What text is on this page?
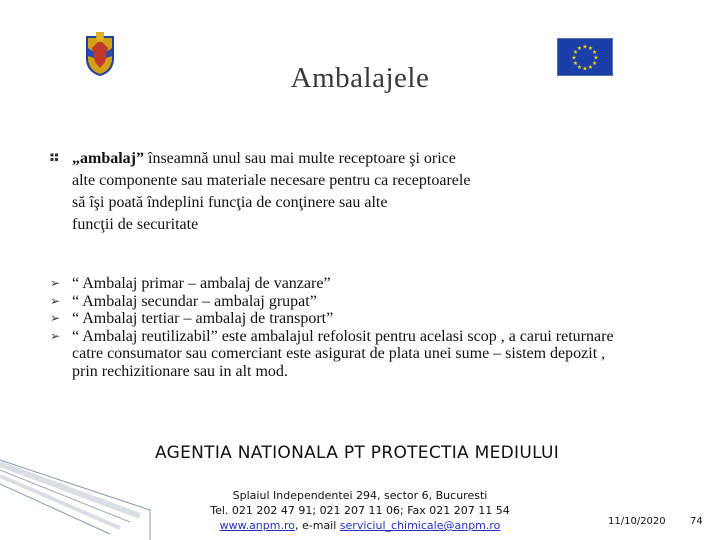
★
★
★
★
★
★
★
★
★ ★ ★
★
Ambalajele

„ambalaj” înseamnă unul sau mai multe receptoare şi orice

alte componente sau materiale necesare pentru ca receptoarele

să îşi poată îndeplini funcţia de conţinere sau alte

funcţii de securitate

➢ “ Ambalaj primar – ambalaj de vanzare”
➢ “ Ambalaj secundar – ambalaj grupat”
➢ “ Ambalaj tertiar – ambalaj de transport”
➢ “ Ambalaj reutilizabil” este ambalajul refolosit pentru acelasi scop , a carui returnare
catre consumator sau comerciant este asigurat de plata unei sume – sistem depozit ,
prin rechizitionare sau in alt mod.
AGENTIA NATIONALA PT PROTECTIA MEDIULUI
Splaiul Independentei 294, sector 6, Bucuresti
Tel. 021 202 47 91; 021 207 11 06; Fax 021 207 11 54
www.anpm.ro, e-mail serviciul_chimicale@anpm.ro	11/10/2020 74
